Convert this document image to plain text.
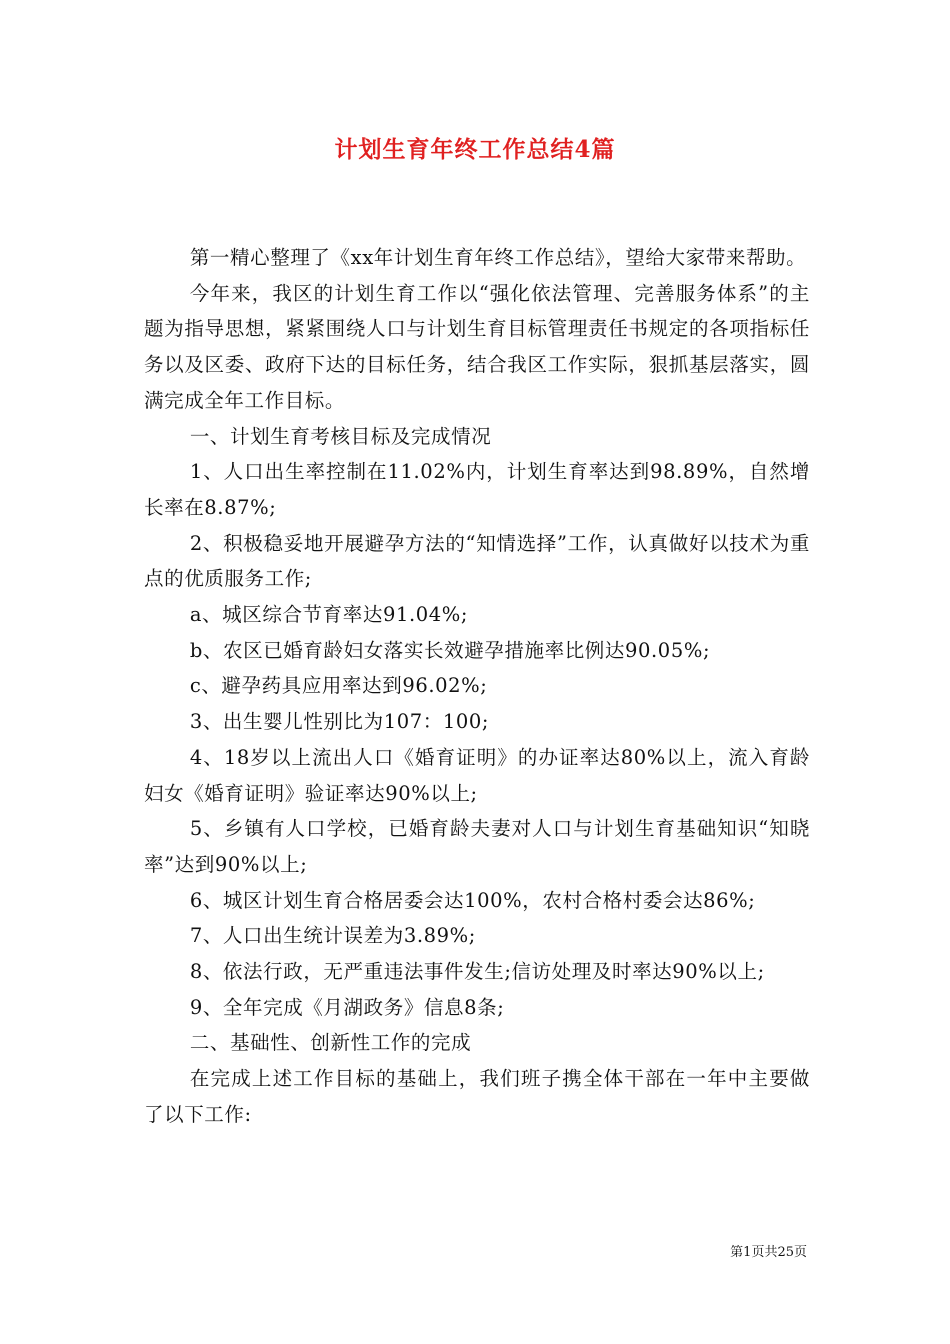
计划生育年终工作总结4篇

第一精心整理了《xx年计划生育年终工作总结》，望给大家带来帮助。

今年来，我区的计划生育工作以“强化依法管理、完善服务体系”的主题为指导思想，紧紧围绕人口与计划生育目标管理责任书规定的各项指标任务以及区委、政府下达的目标任务，结合我区工作实际，狠抓基层落实，圆满完成全年工作目标。

一、计划生育考核目标及完成情况

1、人口出生率控制在11.02%内，计划生育率达到98.89%，自然增长率在8.87%;

2、积极稳妥地开展避孕方法的“知情选择”工作，认真做好以技术为重点的优质服务工作;

a、城区综合节育率达91.04%;

b、农区已婚育龄妇女落实长效避孕措施率比例达90.05%;

c、避孕药具应用率达到96.02%;

3、出生婴儿性别比为107：100;

4、18岁以上流出人口《婚育证明》的办证率达80%以上，流入育龄妇女《婚育证明》验证率达90%以上;

5、乡镇有人口学校，已婚育龄夫妻对人口与计划生育基础知识“知晓率”达到90%以上;

6、城区计划生育合格居委会达100%，农村合格村委会达86%;

7、人口出生统计误差为3.89%;

8、依法行政，无严重违法事件发生;信访处理及时率达90%以上;

9、全年完成《月湖政务》信息8条;

二、基础性、创新性工作的完成

在完成上述工作目标的基础上，我们班子携全体干部在一年中主要做了以下工作:

第1页共25页
